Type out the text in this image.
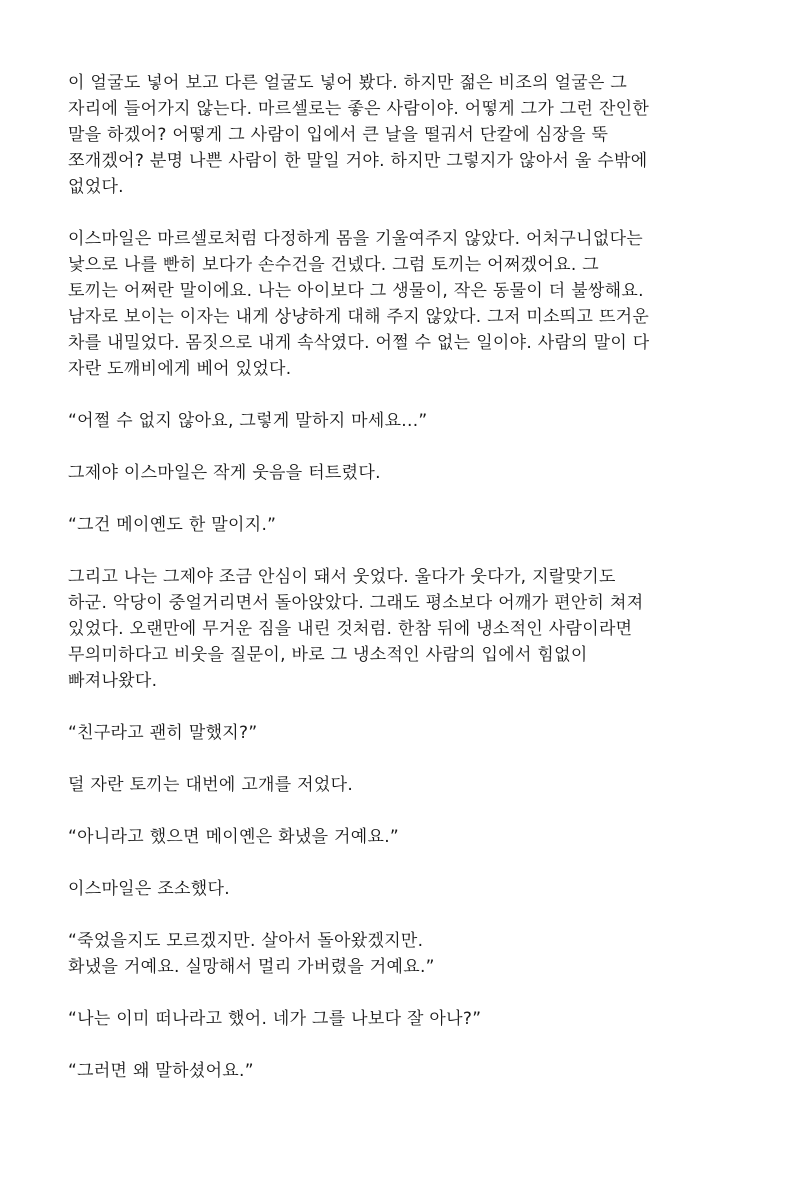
이 얼굴도 넣어 보고 다른 얼굴도 넣어 봤다. 하지만 젊은 비조의 얼굴은 그
자리에 들어가지 않는다. 마르셀로는 좋은 사람이야. 어떻게 그가 그런 잔인한
말을 하겠어? 어떻게 그 사람이 입에서 큰 날을 떨궈서 단칼에 심장을 뚝
쪼개겠어? 분명 나쁜 사람이 한 말일 거야. 하지만 그렇지가 않아서 울 수밖에
없었다.

이스마일은 마르셀로처럼 다정하게 몸을 기울여주지 않았다. 어처구니없다는
낯으로 나를 빤히 보다가 손수건을 건넸다. 그럼 토끼는 어쩌겠어요. 그
토끼는 어쩌란 말이에요. 나는 아이보다 그 생물이, 작은 동물이 더 불쌍해요.
남자로 보이는 이자는 내게 상냥하게 대해 주지 않았다. 그저 미소띄고 뜨거운
차를 내밀었다. 몸짓으로 내게 속삭였다. 어쩔 수 없는 일이야. 사람의 말이 다
자란 도깨비에게 베어 있었다.

“어쩔 수 없지 않아요, 그렇게 말하지 마세요...”

그제야 이스마일은 작게 웃음을 터트렸다.

“그건 메이옌도 한 말이지.”

그리고 나는 그제야 조금 안심이 돼서 웃었다. 울다가 웃다가, 지랄맞기도
하군. 악당이 중얼거리면서 돌아앉았다. 그래도 평소보다 어깨가 편안히 쳐져
있었다. 오랜만에 무거운 짐을 내린 것처럼. 한참 뒤에 냉소적인 사람이라면
무의미하다고 비웃을 질문이, 바로 그 냉소적인 사람의 입에서 힘없이
빠져나왔다.

“친구라고 괜히 말했지?”

덜 자란 토끼는 대번에 고개를 저었다.

“아니라고 했으면 메이옌은 화냈을 거예요.”

이스마일은 조소했다.

“죽었을지도 모르겠지만. 살아서 돌아왔겠지만.
화냈을 거예요. 실망해서 멀리 가버렸을 거예요.”

“나는 이미 떠나라고 했어. 네가 그를 나보다 잘 아나?”

“그러면 왜 말하셨어요.”
